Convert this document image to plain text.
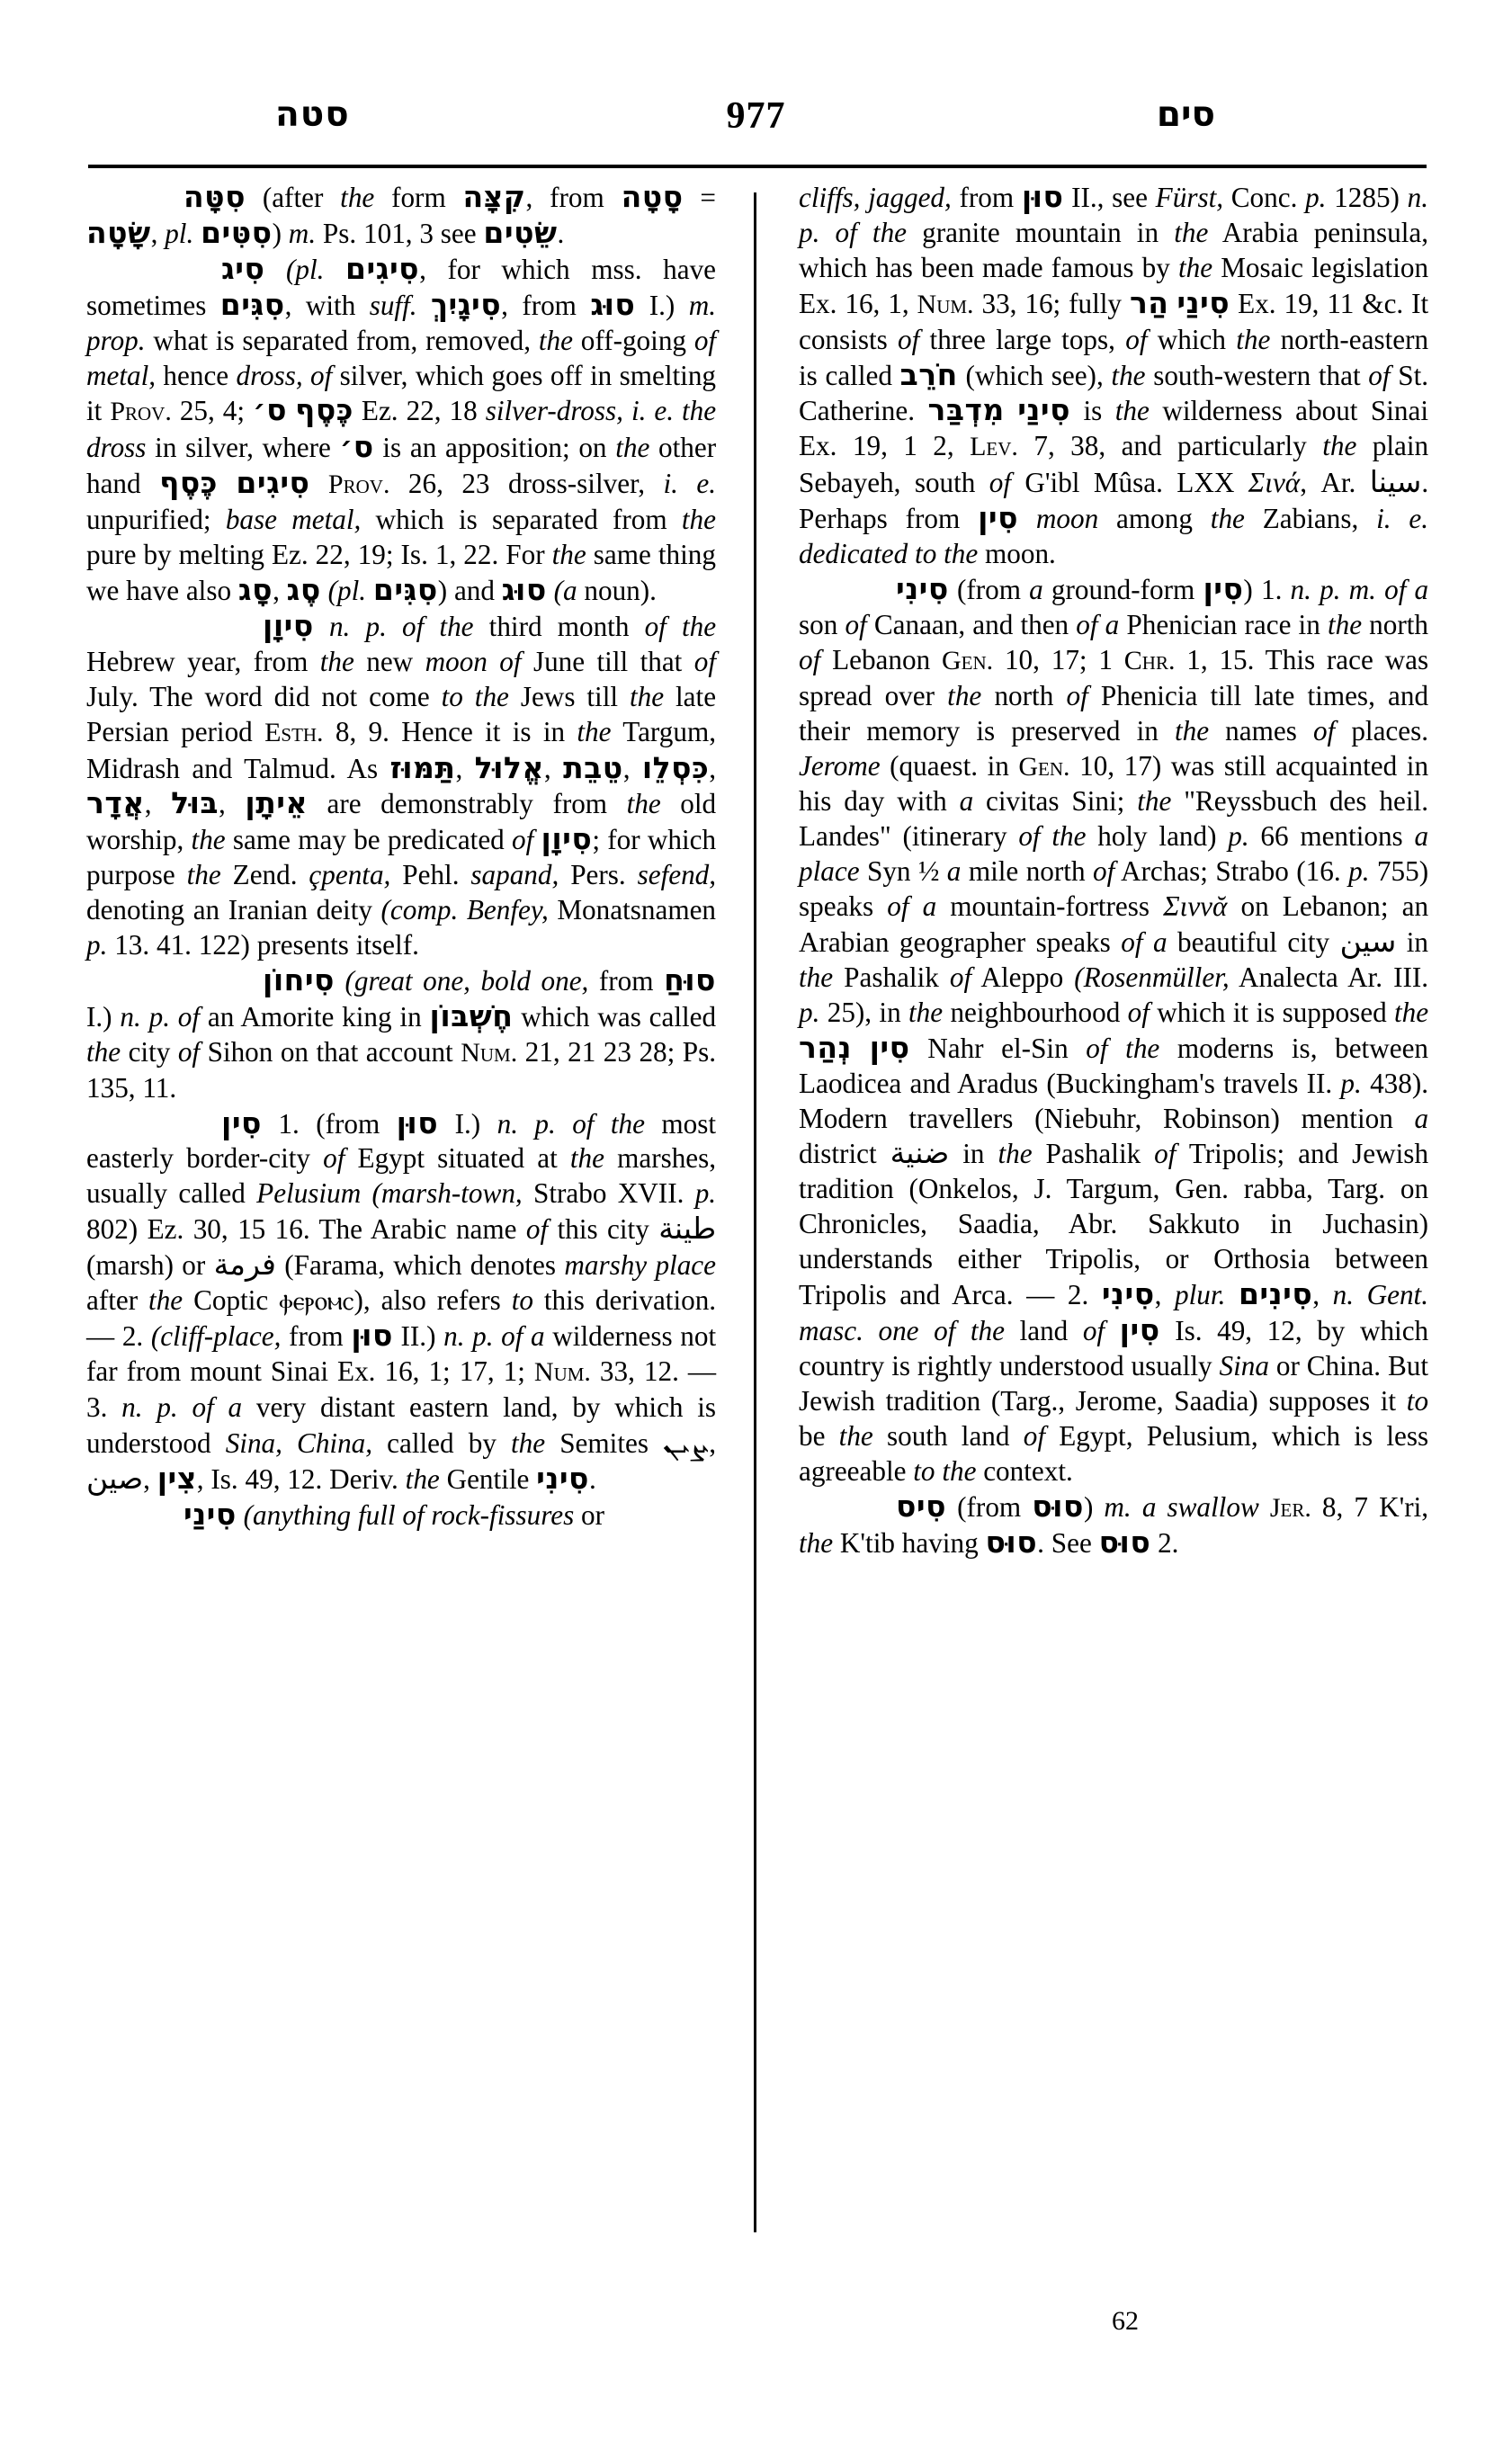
סטה	977	סים

סִטָּה (after the form קִצָּה, from סָטָה = שָׂטָה, pl. סִטִּים) m. Ps. 101, 3 see שֵׂטִים.

סִיג (pl. סִיגִים, for which mss. have sometimes סִגִּים, with suff. סִיגָיִךְ, from סוּג I.) m. prop. what is separated from, removed, the off-going of metal, hence dross, of silver, which goes off in smelting it Prov. 25, 4; ס׳ כֶּסֶף Ez. 22, 18 silver-dross, i. e. the dross in silver, where ס׳ is an apposition; on the other hand כֶּסֶף סִיגִים Prov. 26, 23 dross-silver, i. e. unpurified; base metal, which is separated from the pure by melting Ez. 22, 19; Is. 1, 22. For the same thing we have also סָג, סֶג (pl. סִגִּים) and סוּג (a noun).

סִיוָן n. p. of the third month of the Hebrew year, from the new moon of June till that of July. The word did not come to the Jews till the late Persian period Esth. 8, 9. Hence it is in the Targum, Midrash and Talmud. As תַּמּוּז, אֱלוּל, טֵבֵת, כִּסְלֵו, אֲדָר, בּוּל, אֵיתָן are demonstrably from the old worship, the same may be predicated of סִיוָן; for which purpose the Zend. çpenta, Pehl. sapand, Pers. sefend, denoting an Iranian deity (comp. Benfey, Monatsnamen p. 13. 41. 122) presents itself.

סִיחוֹן (great one, bold one, from סוּחַ I.) n. p. of an Amorite king in חֶשְׁבּוֹן which was called the city of Sihon on that account Num. 21, 21 23 28; Ps. 135, 11.

סִין 1. (from סוּן I.) n. p. of the most easterly border-city of Egypt situated at the marshes, usually called Pelusium (marsh-town, Strabo XVII. p. 802) Ez. 30, 15 16. The Arabic name of this city طينة (marsh) or فرمة (Farama, which denotes marshy place after the Coptic ⲫⲉⲣⲟⲙⲥ), also refers to this derivation. — 2. (cliff-place, from סוּן II.) n. p. of a wilderness not far from mount Sinai Ex. 16, 1; 17, 1; Num. 33, 12. — 3. n. p. of a very distant eastern land, by which is understood Sina, China, called by the Semites ܨܝܢ, صين, צִין, Is. 49, 12. Deriv. the Gentile סִינִי.

סִינַי (anything full of rock-fissures or

cliffs, jagged, from סוּן II., see Fürst, Conc. p. 1285) n. p. of the granite mountain in the Arabia peninsula, which has been made famous by the Mosaic legislation Ex. 16, 1, Num. 33, 16; fully הַר סִינַי Ex. 19, 11 &c. It consists of three large tops, of which the north-eastern is called חֹרֵב (which see), the south-western that of St. Catherine. מִדְבַּר סִינַי is the wilderness about Sinai Ex. 19, 1 2, Lev. 7, 38, and particularly the plain Sebayeh, south of G'ibl Mûsa. LXX Σινά, Ar. سينا. Perhaps from סִין moon among the Zabians, i. e. dedicated to the moon.

סִינִי (from a ground-form סִין) 1. n. p. m. of a son of Canaan, and then of a Phenician race in the north of Lebanon Gen. 10, 17; 1 Chr. 1, 15. This race was spread over the north of Phenicia till late times, and their memory is preserved in the names of places. Jerome (quaest. in Gen. 10, 17) was still acquainted in his day with a civitas Sini; the "Reyssbuch des heil. Landes" (itinerary of the holy land) p. 66 mentions a place Syn ½ a mile north of Archas; Strabo (16. p. 755) speaks of a mountain-fortress Σιννᾰ on Lebanon; an Arabian geographer speaks of a beautiful city سين in the Pashalik of Aleppo (Rosenmüller, Analecta Ar. III. p. 25), in the neighbourhood of which it is supposed the נְהַר סִין Nahr el-Sin of the moderns is, between Laodicea and Aradus (Buckingham's travels II. p. 438). Modern travellers (Niebuhr, Robinson) mention a district ضنية in the Pashalik of Tripolis; and Jewish tradition (Onkelos, J. Targum, Gen. rabba, Targ. on Chronicles, Saadia, Abr. Sakkuto in Juchasin) understands either Tripolis, or Orthosia between Tripolis and Arca. — 2. סִינִי, plur. סִינִים, n. Gent. masc. one of the land of סִין Is. 49, 12, by which country is rightly understood usually Sina or China. But Jewish tradition (Targ., Jerome, Saadia) supposes it to be the south land of Egypt, Pelusium, which is less agreeable to the context.

סִיס (from סוּס) m. a swallow Jer. 8, 7 K'ri, the K'tib having סוּס. See סוּס 2.

62
